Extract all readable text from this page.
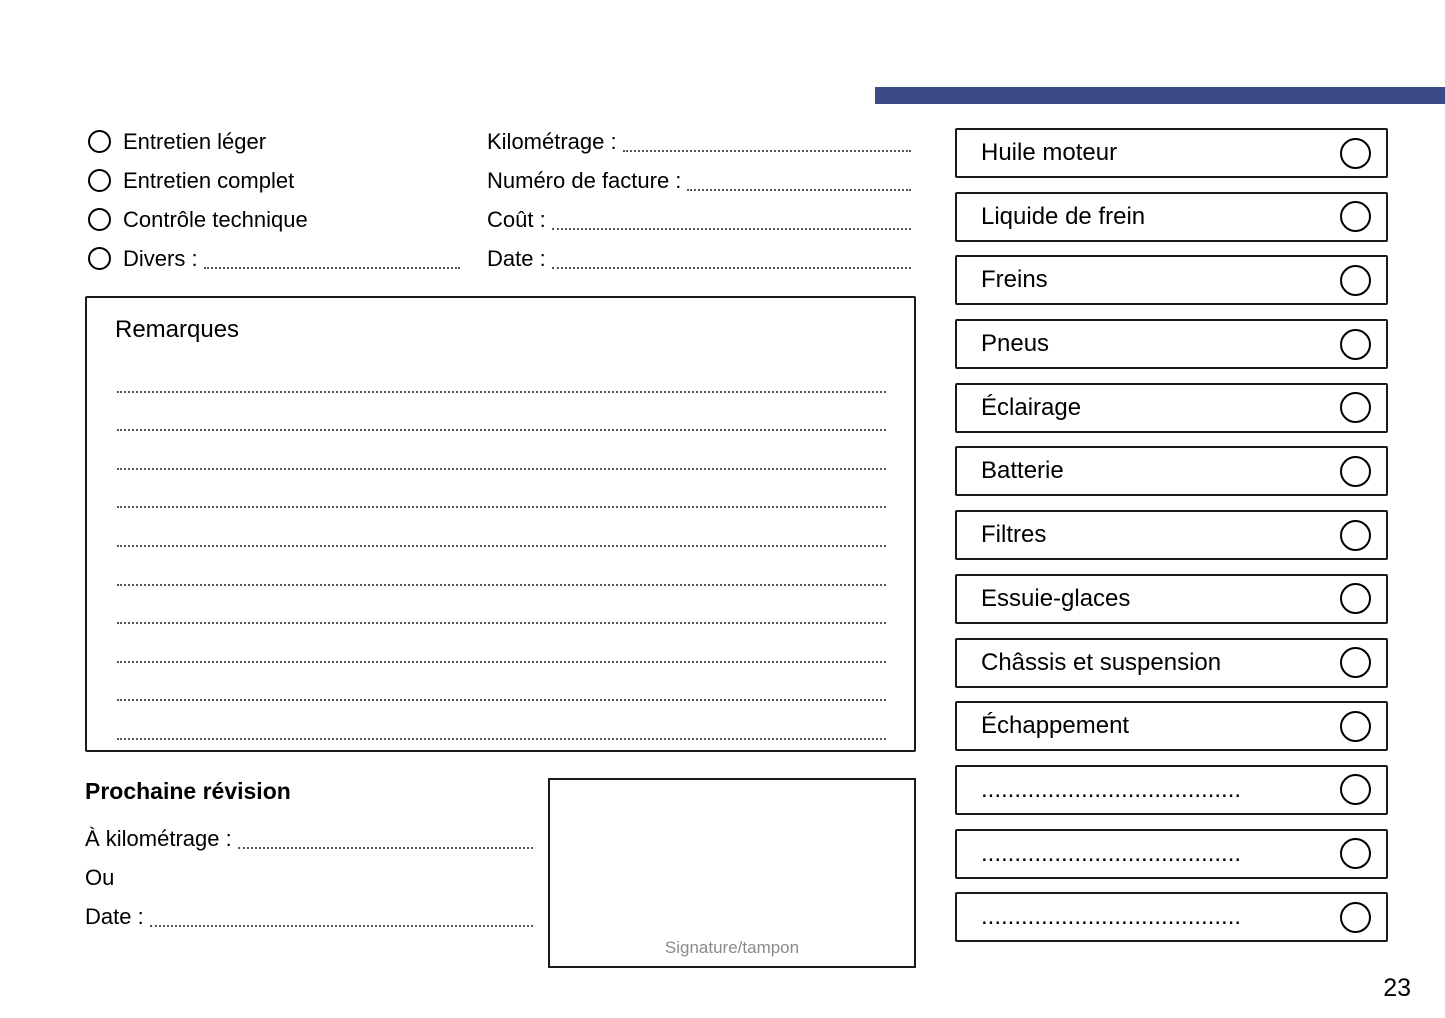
Entretien léger
Entretien complet
Contrôle technique
Divers :
Kilométrage :
Numéro de facture :
Coût :
Date :
Remarques
Prochaine révision
À kilométrage :
Ou
Date :
Signature/tampon
Huile moteur
Liquide de frein
Freins
Pneus
Éclairage
Batterie
Filtres
Essuie-glaces
Châssis et suspension
Échappement
.......................................
.......................................
.......................................
23
